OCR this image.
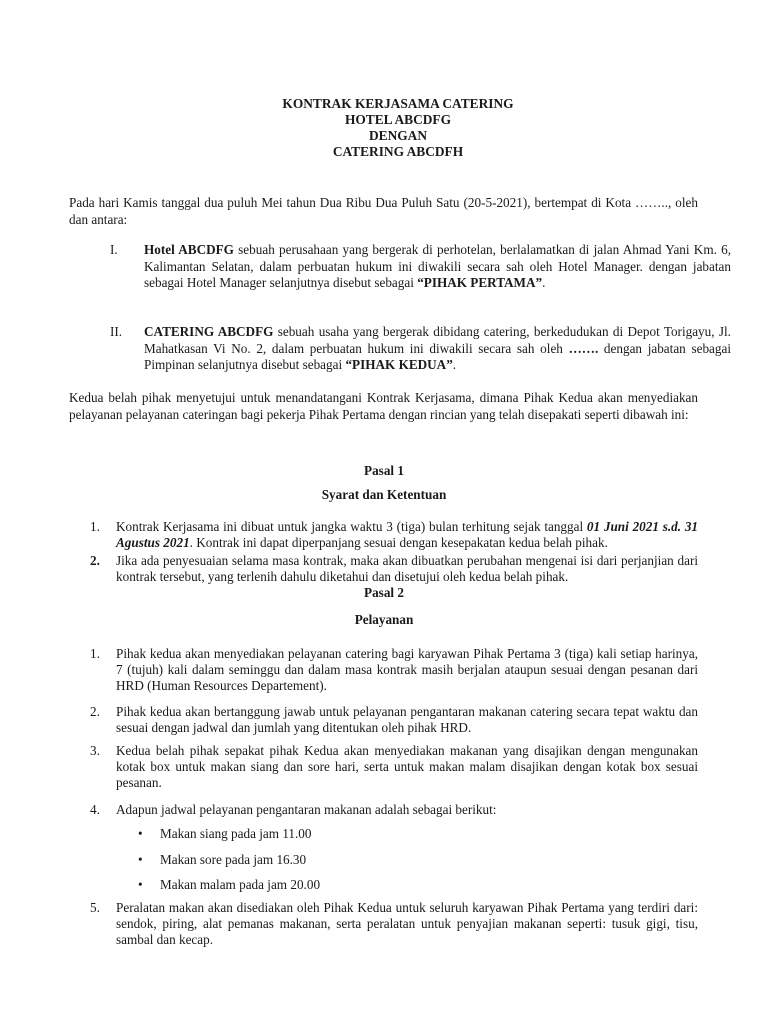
KONTRAK KERJASAMA CATERING
HOTEL ABCDFG
DENGAN
CATERING ABCDFH
Pada hari Kamis tanggal dua puluh Mei tahun Dua Ribu Dua Puluh Satu (20-5-2021), bertempat di Kota …….., oleh dan antara:
I. Hotel ABCDFG sebuah perusahaan yang bergerak di perhotelan, berlalamatkan di jalan Ahmad Yani Km. 6, Kalimantan Selatan, dalam perbuatan hukum ini diwakili secara sah oleh Hotel Manager. dengan jabatan sebagai Hotel Manager selanjutnya disebut sebagai “PIHAK PERTAMA”.
II. CATERING ABCDFG sebuah usaha yang bergerak dibidang catering, berkedudukan di Depot Torigayu, Jl. Mahatkasan Vi No. 2, dalam perbuatan hukum ini diwakili secara sah oleh ……. dengan jabatan sebagai Pimpinan selanjutnya disebut sebagai “PIHAK KEDUA”.
Kedua belah pihak menyetujui untuk menandatangani Kontrak Kerjasama, dimana Pihak Kedua akan menyediakan pelayanan pelayanan cateringan bagi pekerja Pihak Pertama dengan rincian yang telah disepakati seperti dibawah ini:
Pasal 1
Syarat dan Ketentuan
1. Kontrak Kerjasama ini dibuat untuk jangka waktu 3 (tiga) bulan terhitung sejak tanggal 01 Juni 2021 s.d. 31 Agustus 2021. Kontrak ini dapat diperpanjang sesuai dengan kesepakatan kedua belah pihak.
2. Jika ada penyesuaian selama masa kontrak, maka akan dibuatkan perubahan mengenai isi dari perjanjian dari kontrak tersebut, yang terlenih dahulu diketahui dan disetujui oleh kedua belah pihak.
Pasal 2
Pelayanan
1. Pihak kedua akan menyediakan pelayanan catering bagi karyawan Pihak Pertama 3 (tiga) kali setiap harinya, 7 (tujuh) kali dalam seminggu dan dalam masa kontrak masih berjalan ataupun sesuai dengan pesanan dari HRD (Human Resources Departement).
2. Pihak kedua akan bertanggung jawab untuk pelayanan pengantaran makanan catering secara tepat waktu dan sesuai dengan jadwal dan jumlah yang ditentukan oleh pihak HRD.
3. Kedua belah pihak sepakat pihak Kedua akan menyediakan makanan yang disajikan dengan mengunakan kotak box untuk makan siang dan sore hari, serta untuk makan malam disajikan dengan kotak box sesuai pesanan.
4. Adapun jadwal pelayanan pengantaran makanan adalah sebagai berikut:
5. Peralatan makan akan disediakan oleh Pihak Kedua untuk seluruh karyawan Pihak Pertama yang terdiri dari: sendok, piring, alat pemanas makanan, serta peralatan untuk penyajian makanan seperti: tusuk gigi, tisu, sambal dan kecap.
• Makan siang pada jam 11.00
• Makan sore pada jam 16.30
• Makan malam pada jam 20.00
